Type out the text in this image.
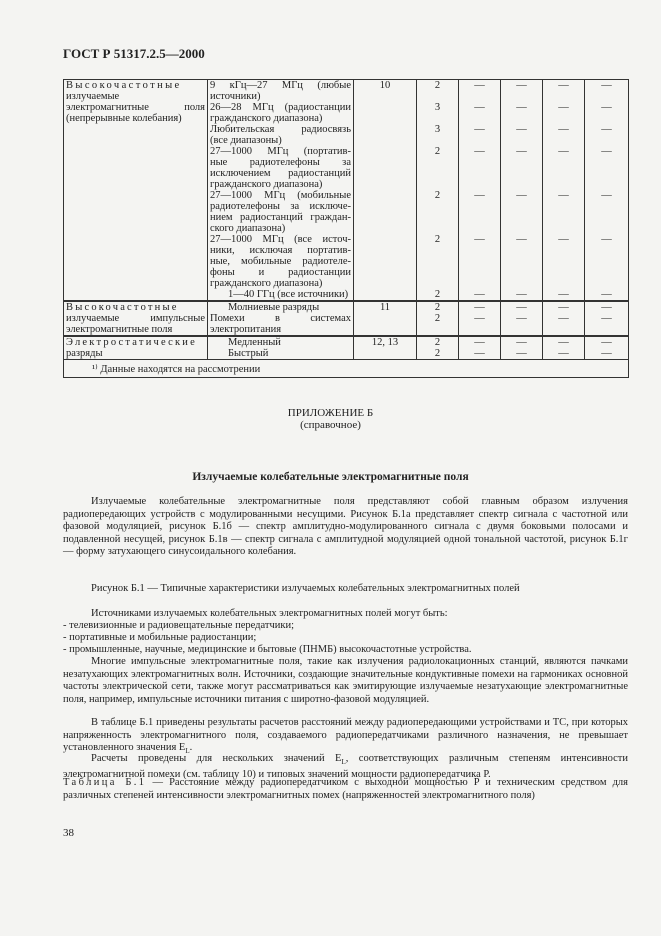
ГОСТ Р 51317.2.5—2000
Высокочастотные
излучаемые
электромагнитные поля
(непрерывные колебания)	9 кГц—27 МГц (любые
источники)	10	2	—	—	—	—

	26—28 МГц (радиостанции
гражданского диапазона)		3	—	—	—	—

	Любительская радиосвязь
(все диапазоны)		3	—	—	—	—

	27—1000 МГц (портатив-
ные радиотелефоны за
исключением радиостанций
гражданского диапазона)		2	—	—	—	—

	27—1000 МГц (мобильные
радиотелефоны за исключе-
нием радиостанций граждан-
ского диапазона)		2	—	—	—	—

	27—1000 МГц (все источ-
ники, исключая портатив-
ные, мобильные радиотеле-
фоны и радиостанции
гражданского диапазона)		2	—	—	—	—

	1—40 ГГц (все источники)		2	—	—	—	—

Высокочастотные
излучаемые импульсные
электромагнитные поля	Молниевые разряды	11	2	—	—	—	—

	Помехи в системах
электропитания		2	—	—	—	—

Электростатические
разряды	Медленный	12, 13	2	—	—	—	—

	Быстрый		2	—	—	—	—
¹⁾ Данные находятся на рассмотрении							
ПРИЛОЖЕНИЕ Б
(справочное)
Излучаемые колебательные электромагнитные поля

Излучаемые колебательные электромагнитные поля представляют собой главным образом излучения радиопередающих устройств с модулированными несущими. Рисунок Б.1а представляет спектр сигнала с частотной или фазовой модуляцией, рисунок Б.1б — спектр амплитудно-модулированного сигнала с двумя боковыми полосами и подавленной несущей, рисунок Б.1в — спектр сигнала с амплитудной модуляцией одной тональной частотой, рисунок Б.1г — форму затухающего синусоидального колебания.

Рисунок Б.1 — Типичные характеристики излучаемых колебательных электромагнитных полей
Источниками излучаемых колебательных электромагнитных полей могут быть:
- телевизионные и радиовещательные передатчики;
- портативные и мобильные радиостанции;
- промышленные, научные, медицинские и бытовые (ПНМБ) высокочастотные устройства.

Многие импульсные электромагнитные поля, такие как излучения радиолокационных станций, являются пачками незатухающих электромагнитных волн. Источники, создающие значительные кондуктивные помехи на гармониках основной частоты электрической сети, также могут рассматриваться как эмитирующие излучаемые незатухающие электромагнитные поля, например, импульсные источники питания с широтно-фазовой модуляцией.

В таблице Б.1 приведены результаты расчетов расстояний между радиопередающими устройствами и ТС, при которых напряженность электромагнитного поля, создаваемого радиопередатчиками различного назначения, не превышает установленного значения $E_L$.

Расчеты проведены для нескольких значений $E_L$, соответствующих различным степеням интенсивности электромагнитной помехи (см. таблицу 10) и типовых значений мощности радиопередатчика P.

Таблица Б.1 — Расстояние между радиопередатчиком с выходной мощностью P и техническим средством для различных степеней интенсивности электромагнитных помех (напряженностей электромагнитного поля)

38
